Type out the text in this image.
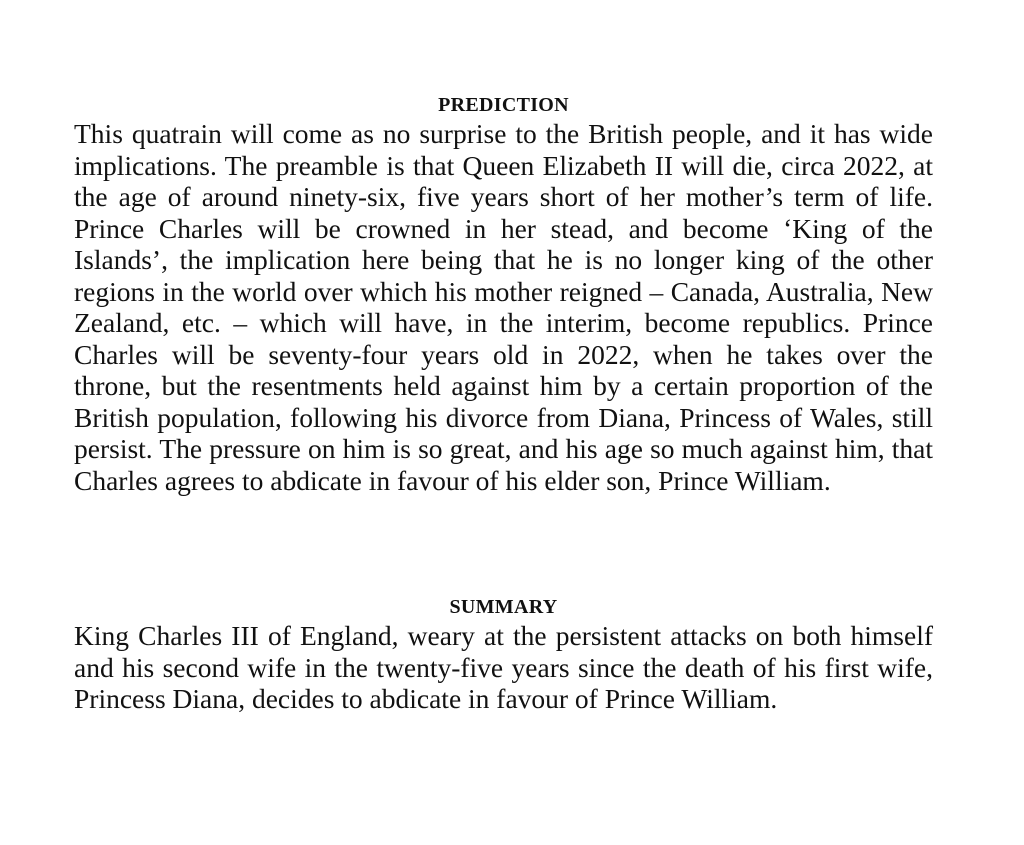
PREDICTION

This quatrain will come as no surprise to the British people, and it has wide implications. The preamble is that Queen Elizabeth II will die, circa 2022, at the age of around ninety-six, five years short of her mother’s term of life. Prince Charles will be crowned in her stead, and become ‘King of the Islands’, the implication here being that he is no longer king of the other regions in the world over which his mother reigned – Canada, Australia, New Zealand, etc. – which will have, in the interim, become republics. Prince Charles will be seventy-four years old in 2022, when he takes over the throne, but the resentments held against him by a certain proportion of the British population, following his divorce from Diana, Princess of Wales, still persist. The pressure on him is so great, and his age so much against him, that Charles agrees to abdicate in favour of his elder son, Prince William.

SUMMARY

King Charles III of England, weary at the persistent attacks on both himself and his second wife in the twenty-five years since the death of his first wife, Princess Diana, decides to abdicate in favour of Prince William.
